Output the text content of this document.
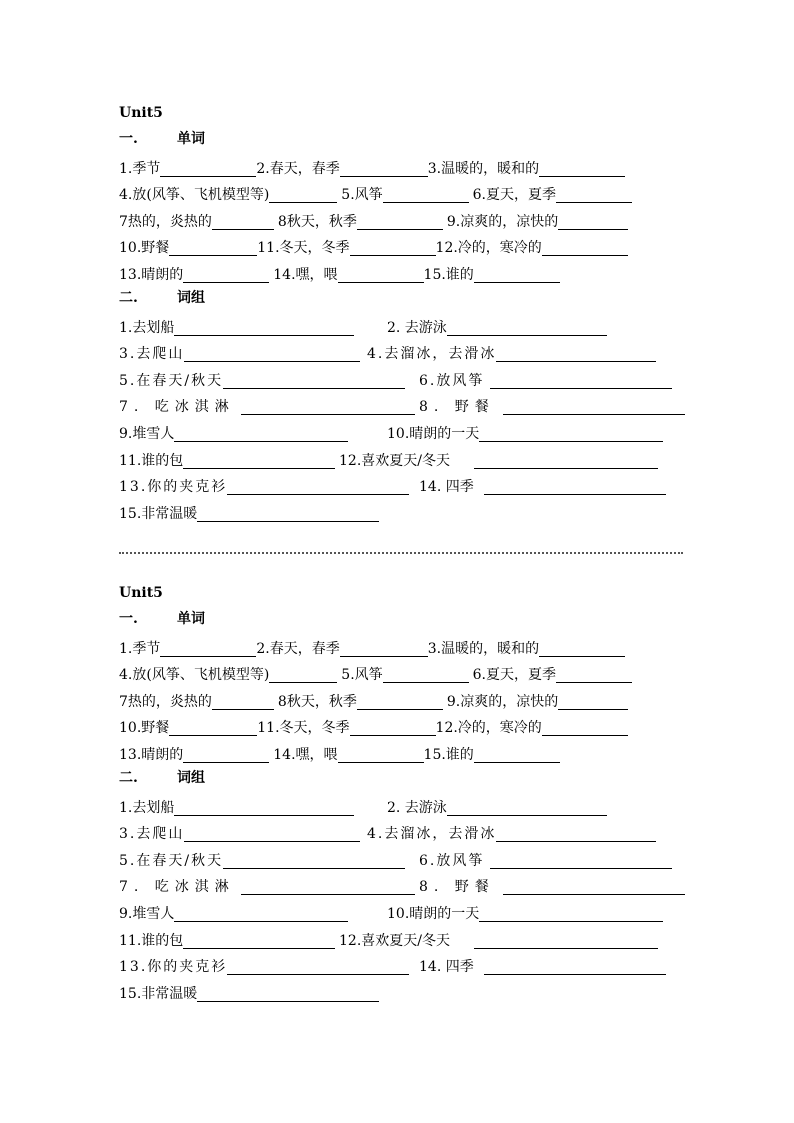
Unit5
一.	单词
1.季节	2.春天，春季	3.温暖的，暖和的
4.放(风筝、飞机模型等)	5.风筝	6.夏天，夏季
7热的，炎热的	8秋天，秋季	9.凉爽的，凉快的
10.野餐	11.冬天，冬季	12.冷的，寒冷的
13.晴朗的	14.嘿，喂	15.谁的
二.	词组
1.去划船	2. 去游泳
3.去爬山	4.去溜冰，去滑冰
5.在春天/秋天	6.放风筝
7. 吃冰淇淋	8. 野餐
9.堆雪人	10.晴朗的一天
11.谁的包	12.喜欢夏天/冬天
13.你的夹克衫	14. 四季
15.非常温暖
Unit5
一.	单词
1.季节	2.春天，春季	3.温暖的，暖和的
4.放(风筝、飞机模型等)	5.风筝	6.夏天，夏季
7热的，炎热的	8秋天，秋季	9.凉爽的，凉快的
10.野餐	11.冬天，冬季	12.冷的，寒冷的
13.晴朗的	14.嘿，喂	15.谁的
二.	词组
1.去划船	2. 去游泳
3.去爬山	4.去溜冰，去滑冰
5.在春天/秋天	6.放风筝
7. 吃冰淇淋	8. 野餐
9.堆雪人	10.晴朗的一天
11.谁的包	12.喜欢夏天/冬天
13.你的夹克衫	14. 四季
15.非常温暖
